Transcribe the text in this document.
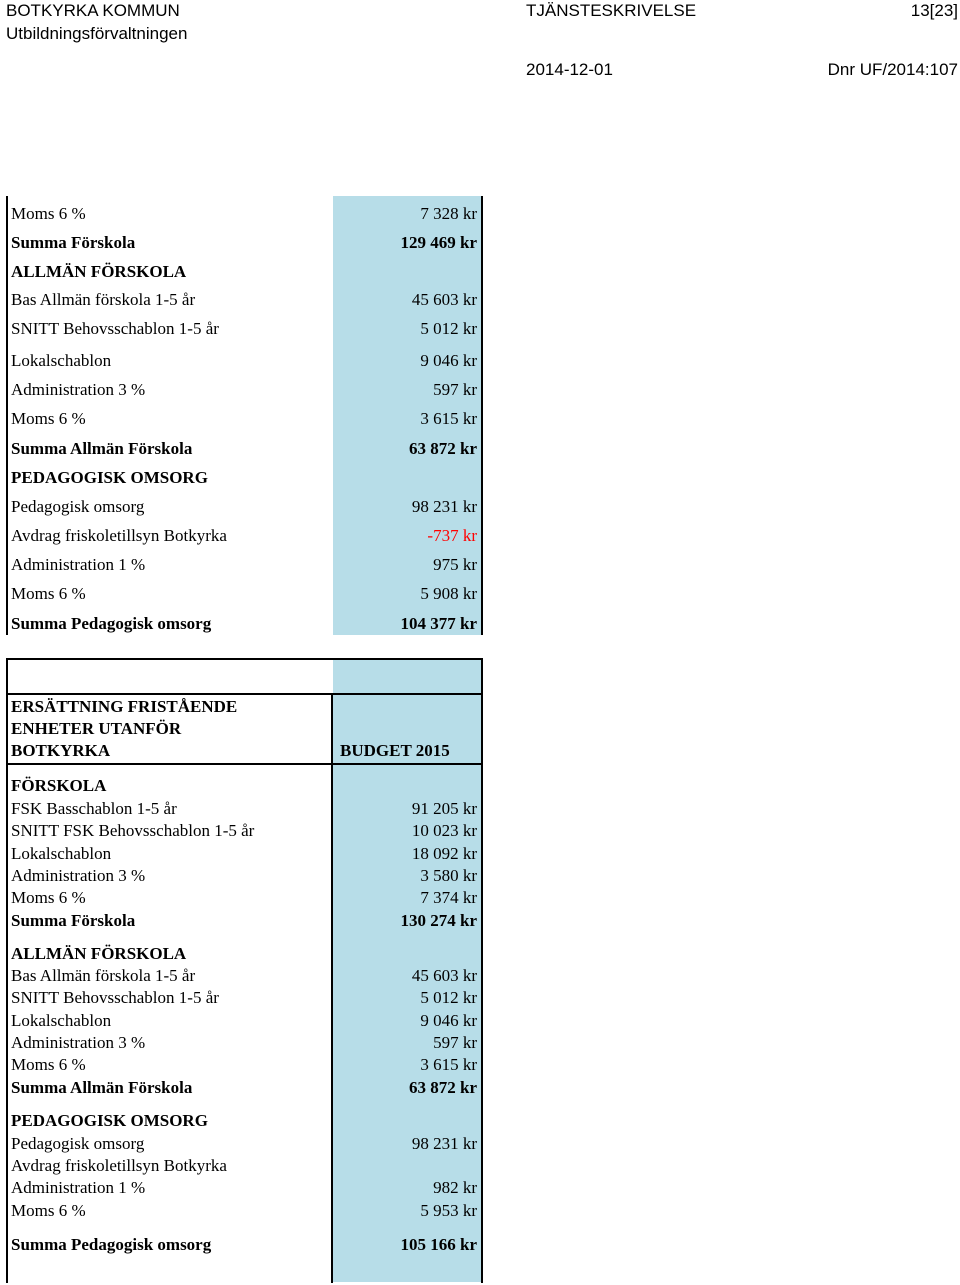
BOTKYRKA KOMMUN
Utbildningsförvaltningen
TJÄNSTESKRIVELSE	13[23]
2014-12-01	Dnr UF/2014:107
Moms 6 %	7 328 kr
Summa Förskola	129 469 kr
ALLMÄN FÖRSKOLA
Bas Allmän förskola 1-5 år	45 603 kr
SNITT Behovsschablon 1-5 år	5 012 kr
Lokalschablon	9 046 kr
Administration 3 %	597 kr
Moms 6 %	3 615 kr
Summa Allmän Förskola	63 872 kr
PEDAGOGISK OMSORG
Pedagogisk omsorg	98 231 kr
Avdrag friskoletillsyn Botkyrka	-737 kr
Administration 1 %	975 kr
Moms 6 %	5 908 kr
Summa Pedagogisk omsorg	104 377 kr
ERSÄTTNING FRISTÅENDE
ENHETER UTANFÖR
BOTKYRKA	BUDGET 2015
FÖRSKOLA
FSK Basschablon 1-5 år	91 205 kr
SNITT FSK Behovsschablon 1-5 år	10 023 kr
Lokalschablon	18 092 kr
Administration 3 %	3 580 kr
Moms 6 %	7 374 kr
Summa Förskola	130 274 kr
ALLMÄN FÖRSKOLA
Bas Allmän förskola 1-5 år	45 603 kr
SNITT Behovsschablon 1-5 år	5 012 kr
Lokalschablon	9 046 kr
Administration 3 %	597 kr
Moms 6 %	3 615 kr
Summa Allmän Förskola	63 872 kr
PEDAGOGISK OMSORG
Pedagogisk omsorg	98 231 kr
Avdrag friskoletillsyn Botkyrka
Administration 1 %	982 kr
Moms 6 %	5 953 kr
Summa Pedagogisk omsorg	105 166 kr
